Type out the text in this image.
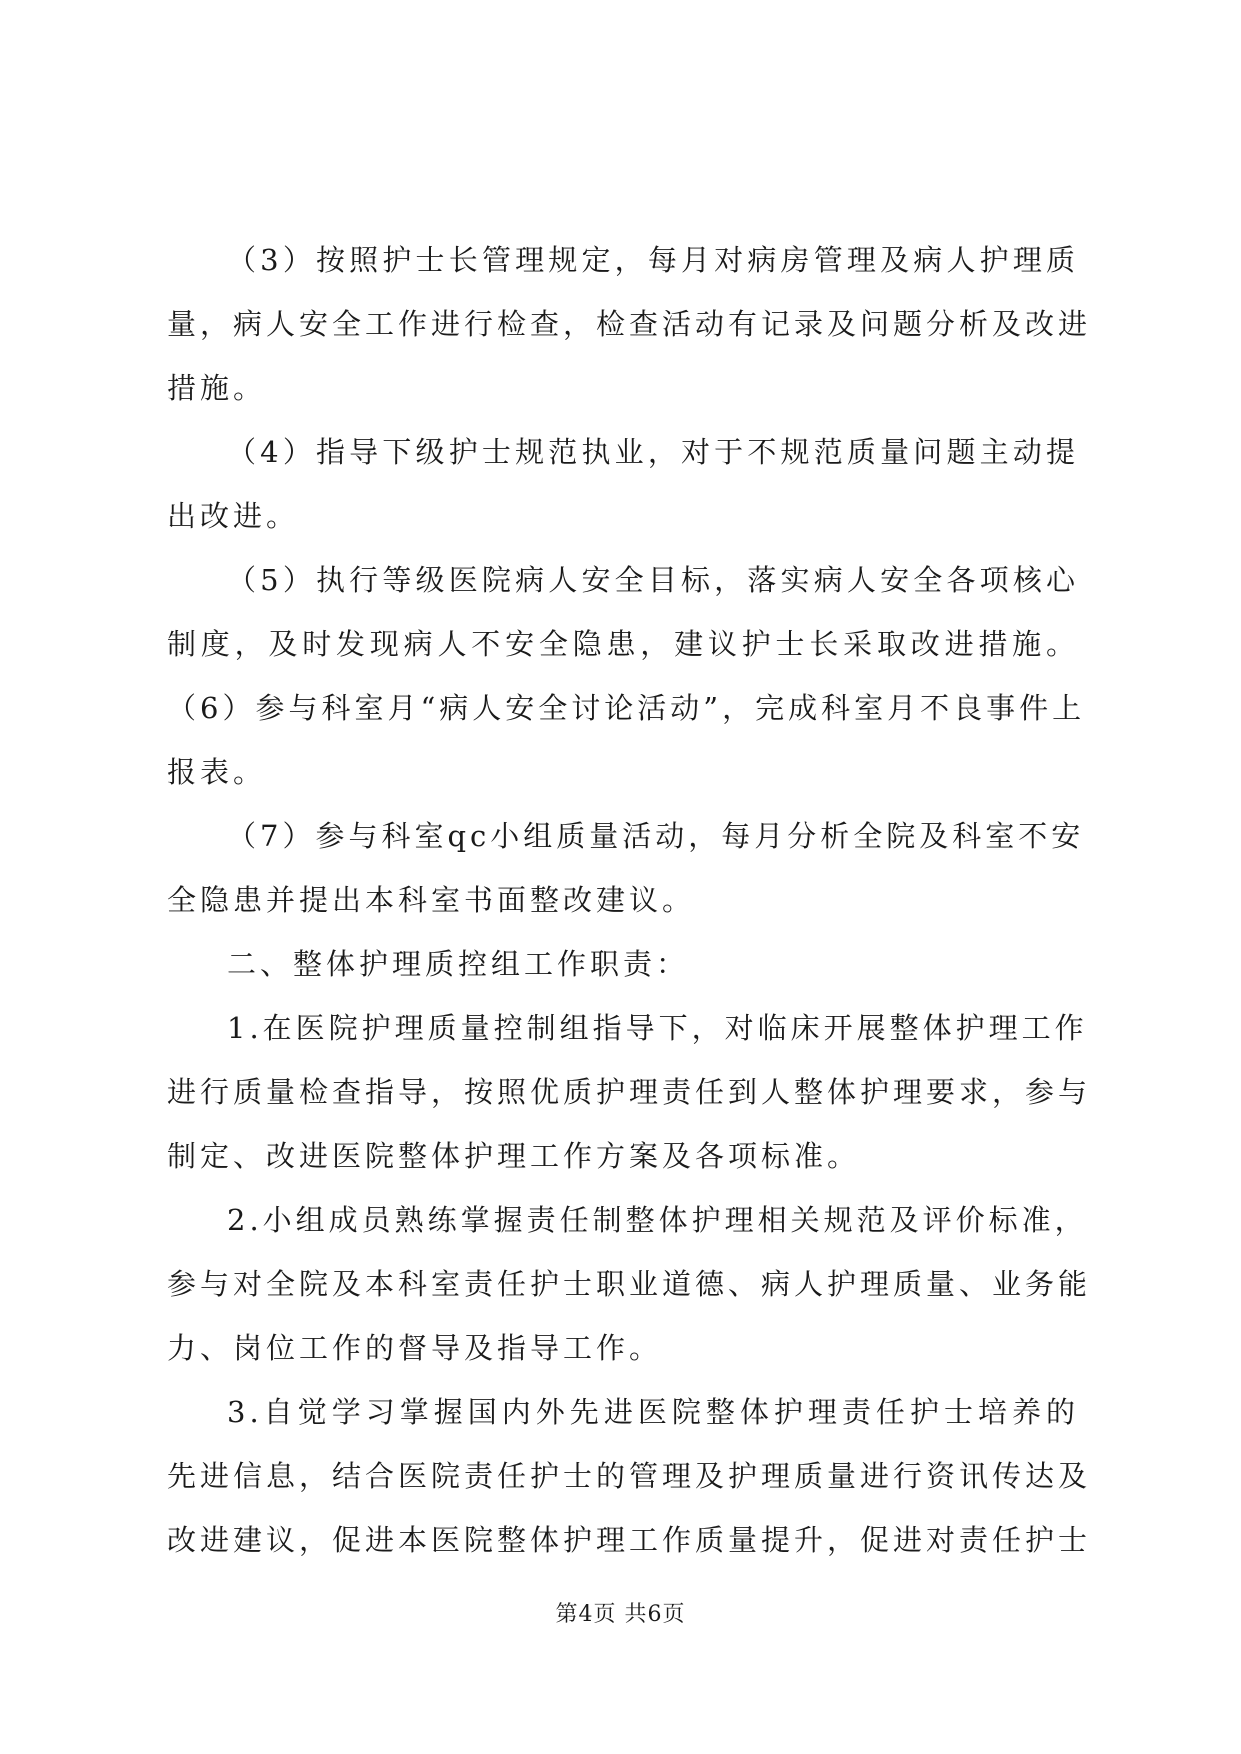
（3）按照护士长管理规定，每月对病房管理及病人护理质
量，病人安全工作进行检查，检查活动有记录及问题分析及改进
措施。
（4）指导下级护士规范执业，对于不规范质量问题主动提
出改进。
（5）执行等级医院病人安全目标，落实病人安全各项核心
制度，及时发现病人不安全隐患，建议护士长采取改进措施。
（6）参与科室月“病人安全讨论活动”，完成科室月不良事件上
报表。
（7）参与科室qc小组质量活动，每月分析全院及科室不安
全隐患并提出本科室书面整改建议。
二、整体护理质控组工作职责：
1.在医院护理质量控制组指导下，对临床开展整体护理工作
进行质量检查指导，按照优质护理责任到人整体护理要求，参与
制定、改进医院整体护理工作方案及各项标准。
2.小组成员熟练掌握责任制整体护理相关规范及评价标准，
参与对全院及本科室责任护士职业道德、病人护理质量、业务能
力、岗位工作的督导及指导工作。
3.自觉学习掌握国内外先进医院整体护理责任护士培养的
先进信息，结合医院责任护士的管理及护理质量进行资讯传达及
改进建议，促进本医院整体护理工作质量提升，促进对责任护士
第4页 共6页
